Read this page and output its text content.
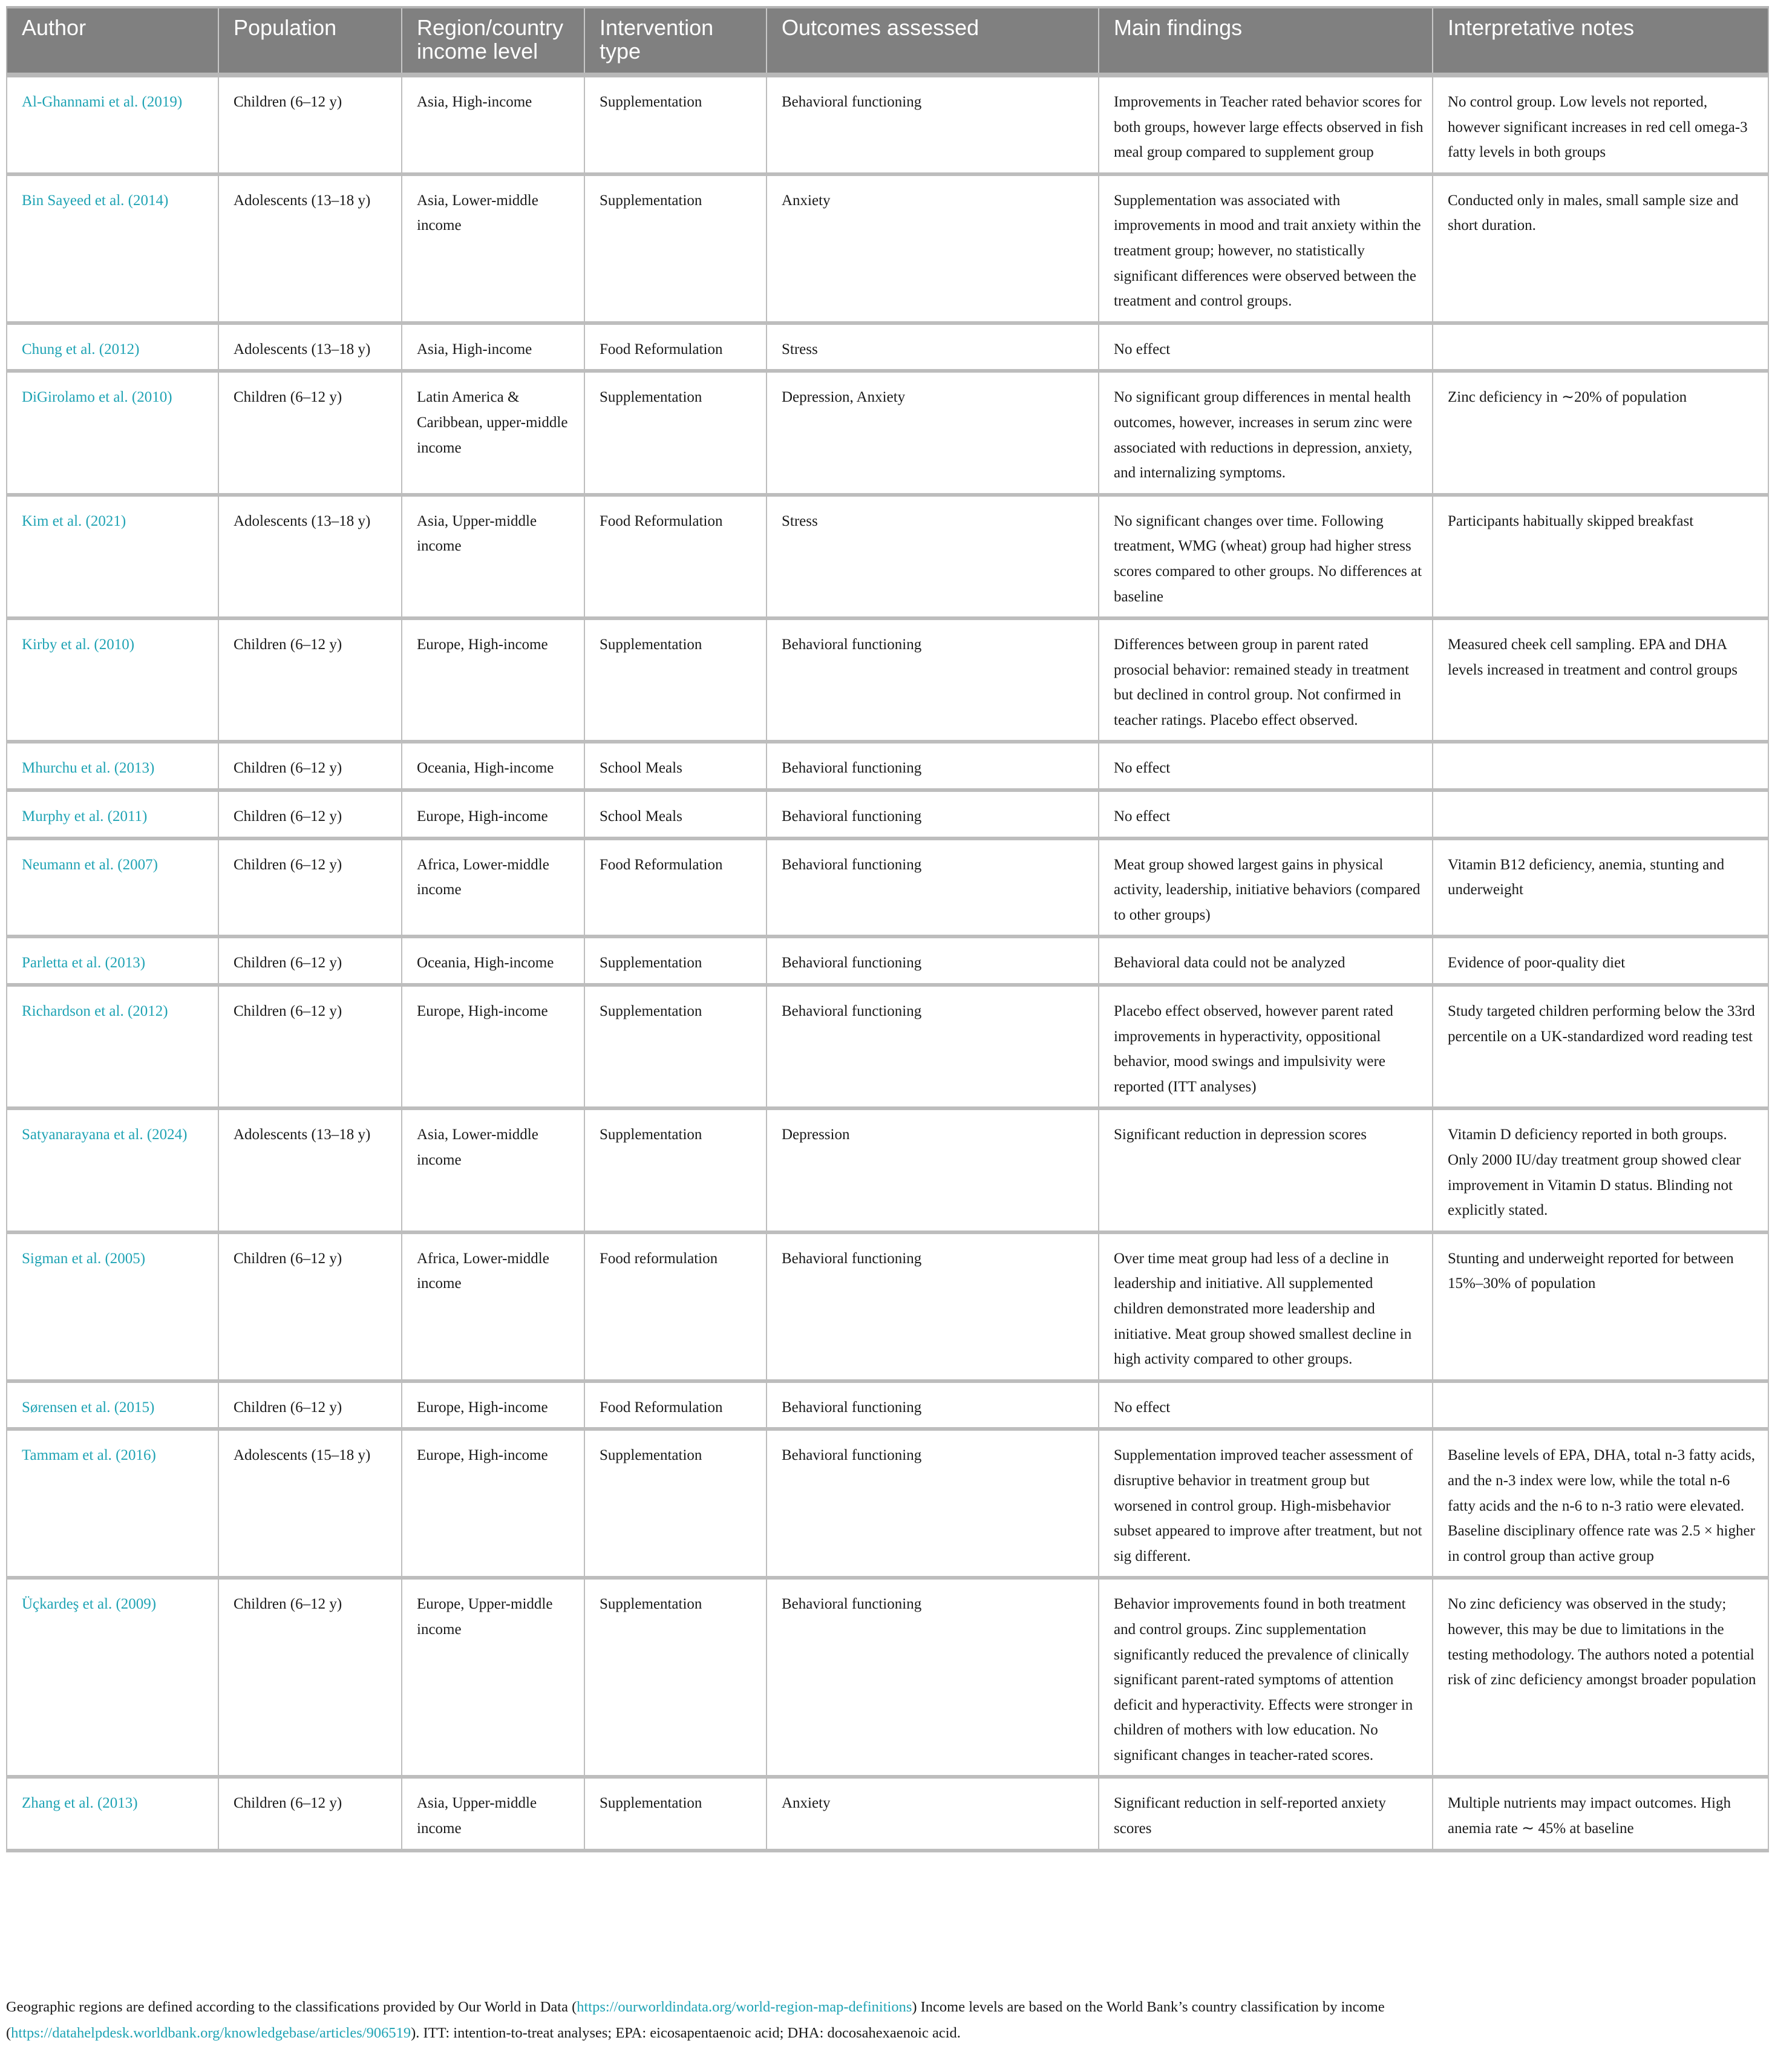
Author	Population	Region/country income level	Intervention type	Outcomes assessed	Main findings	Interpretative notes
Al-Ghannami et al. (2019)	Children (6–12 y)	Asia, High-income	Supplementation	Behavioral functioning	Improvements in Teacher rated behavior scores for both groups, however large effects observed in fish meal group compared to supplement group	No control group. Low levels not reported, however significant increases in red cell omega-3 fatty levels in both groups
Bin Sayeed et al. (2014)	Adolescents (13–18 y)	Asia, Lower-middle income	Supplementation	Anxiety	Supplementation was associated with improvements in mood and trait anxiety within the treatment group; however, no statistically significant differences were observed between the treatment and control groups.	Conducted only in males, small sample size and short duration.
Chung et al. (2012)	Adolescents (13–18 y)	Asia, High-income	Food Reformulation	Stress	No effect	
DiGirolamo et al. (2010)	Children (6–12 y)	Latin America & Caribbean, upper-middle income	Supplementation	Depression, Anxiety	No significant group differences in mental health outcomes, however, increases in serum zinc were associated with reductions in depression, anxiety, and internalizing symptoms.	Zinc deficiency in ∼20% of population
Kim et al. (2021)	Adolescents (13–18 y)	Asia, Upper-middle income	Food Reformulation	Stress	No significant changes over time. Following treatment, WMG (wheat) group had higher stress scores compared to other groups. No differences at baseline	Participants habitually skipped breakfast
Kirby et al. (2010)	Children (6–12 y)	Europe, High-income	Supplementation	Behavioral functioning	Differences between group in parent rated prosocial behavior: remained steady in treatment but declined in control group. Not confirmed in teacher ratings. Placebo effect observed.	Measured cheek cell sampling. EPA and DHA levels increased in treatment and control groups
Mhurchu et al. (2013)	Children (6–12 y)	Oceania, High-income	School Meals	Behavioral functioning	No effect	
Murphy et al. (2011)	Children (6–12 y)	Europe, High-income	School Meals	Behavioral functioning	No effect	
Neumann et al. (2007)	Children (6–12 y)	Africa, Lower-middle income	Food Reformulation	Behavioral functioning	Meat group showed largest gains in physical activity, leadership, initiative behaviors (compared to other groups)	Vitamin B12 deficiency, anemia, stunting and underweight
Parletta et al. (2013)	Children (6–12 y)	Oceania, High-income	Supplementation	Behavioral functioning	Behavioral data could not be analyzed	Evidence of poor-quality diet
Richardson et al. (2012)	Children (6–12 y)	Europe, High-income	Supplementation	Behavioral functioning	Placebo effect observed, however parent rated improvements in hyperactivity, oppositional behavior, mood swings and impulsivity were reported (ITT analyses)	Study targeted children performing below the 33rd percentile on a UK-standardized word reading test
Satyanarayana et al. (2024)	Adolescents (13–18 y)	Asia, Lower-middle income	Supplementation	Depression	Significant reduction in depression scores	Vitamin D deficiency reported in both groups. Only 2000 IU/day treatment group showed clear improvement in Vitamin D status. Blinding not explicitly stated.
Sigman et al. (2005)	Children (6–12 y)	Africa, Lower-middle income	Food reformulation	Behavioral functioning	Over time meat group had less of a decline in leadership and initiative. All supplemented children demonstrated more leadership and initiative. Meat group showed smallest decline in high activity compared to other groups.	Stunting and underweight reported for between 15%–30% of population
Sørensen et al. (2015)	Children (6–12 y)	Europe, High-income	Food Reformulation	Behavioral functioning	No effect	
Tammam et al. (2016)	Adolescents (15–18 y)	Europe, High-income	Supplementation	Behavioral functioning	Supplementation improved teacher assessment of disruptive behavior in treatment group but worsened in control group. High-misbehavior subset appeared to improve after treatment, but not sig different.	Baseline levels of EPA, DHA, total n-3 fatty acids, and the n-3 index were low, while the total n-6 fatty acids and the n-6 to n-3 ratio were elevated. Baseline disciplinary offence rate was 2.5 × higher in control group than active group
Üçkardeş et al. (2009)	Children (6–12 y)	Europe, Upper-middle income	Supplementation	Behavioral functioning	Behavior improvements found in both treatment and control groups. Zinc supplementation significantly reduced the prevalence of clinically significant parent-rated symptoms of attention deficit and hyperactivity. Effects were stronger in children of mothers with low education. No significant changes in teacher-rated scores.	No zinc deficiency was observed in the study; however, this may be due to limitations in the testing methodology. The authors noted a potential risk of zinc deficiency amongst broader population
Zhang et al. (2013)	Children (6–12 y)	Asia, Upper-middle income	Supplementation	Anxiety	Significant reduction in self-reported anxiety scores	Multiple nutrients may impact outcomes. High anemia rate ∼ 45% at baseline
Geographic regions are defined according to the classifications provided by Our World in Data (https://ourworldindata.org/world-region-map-definitions) Income levels are based on the World Bank’s country classification by income (https://datahelpdesk.worldbank.org/knowledgebase/articles/906519). ITT: intention-to-treat analyses; EPA: eicosapentaenoic acid; DHA: docosahexaenoic acid.
